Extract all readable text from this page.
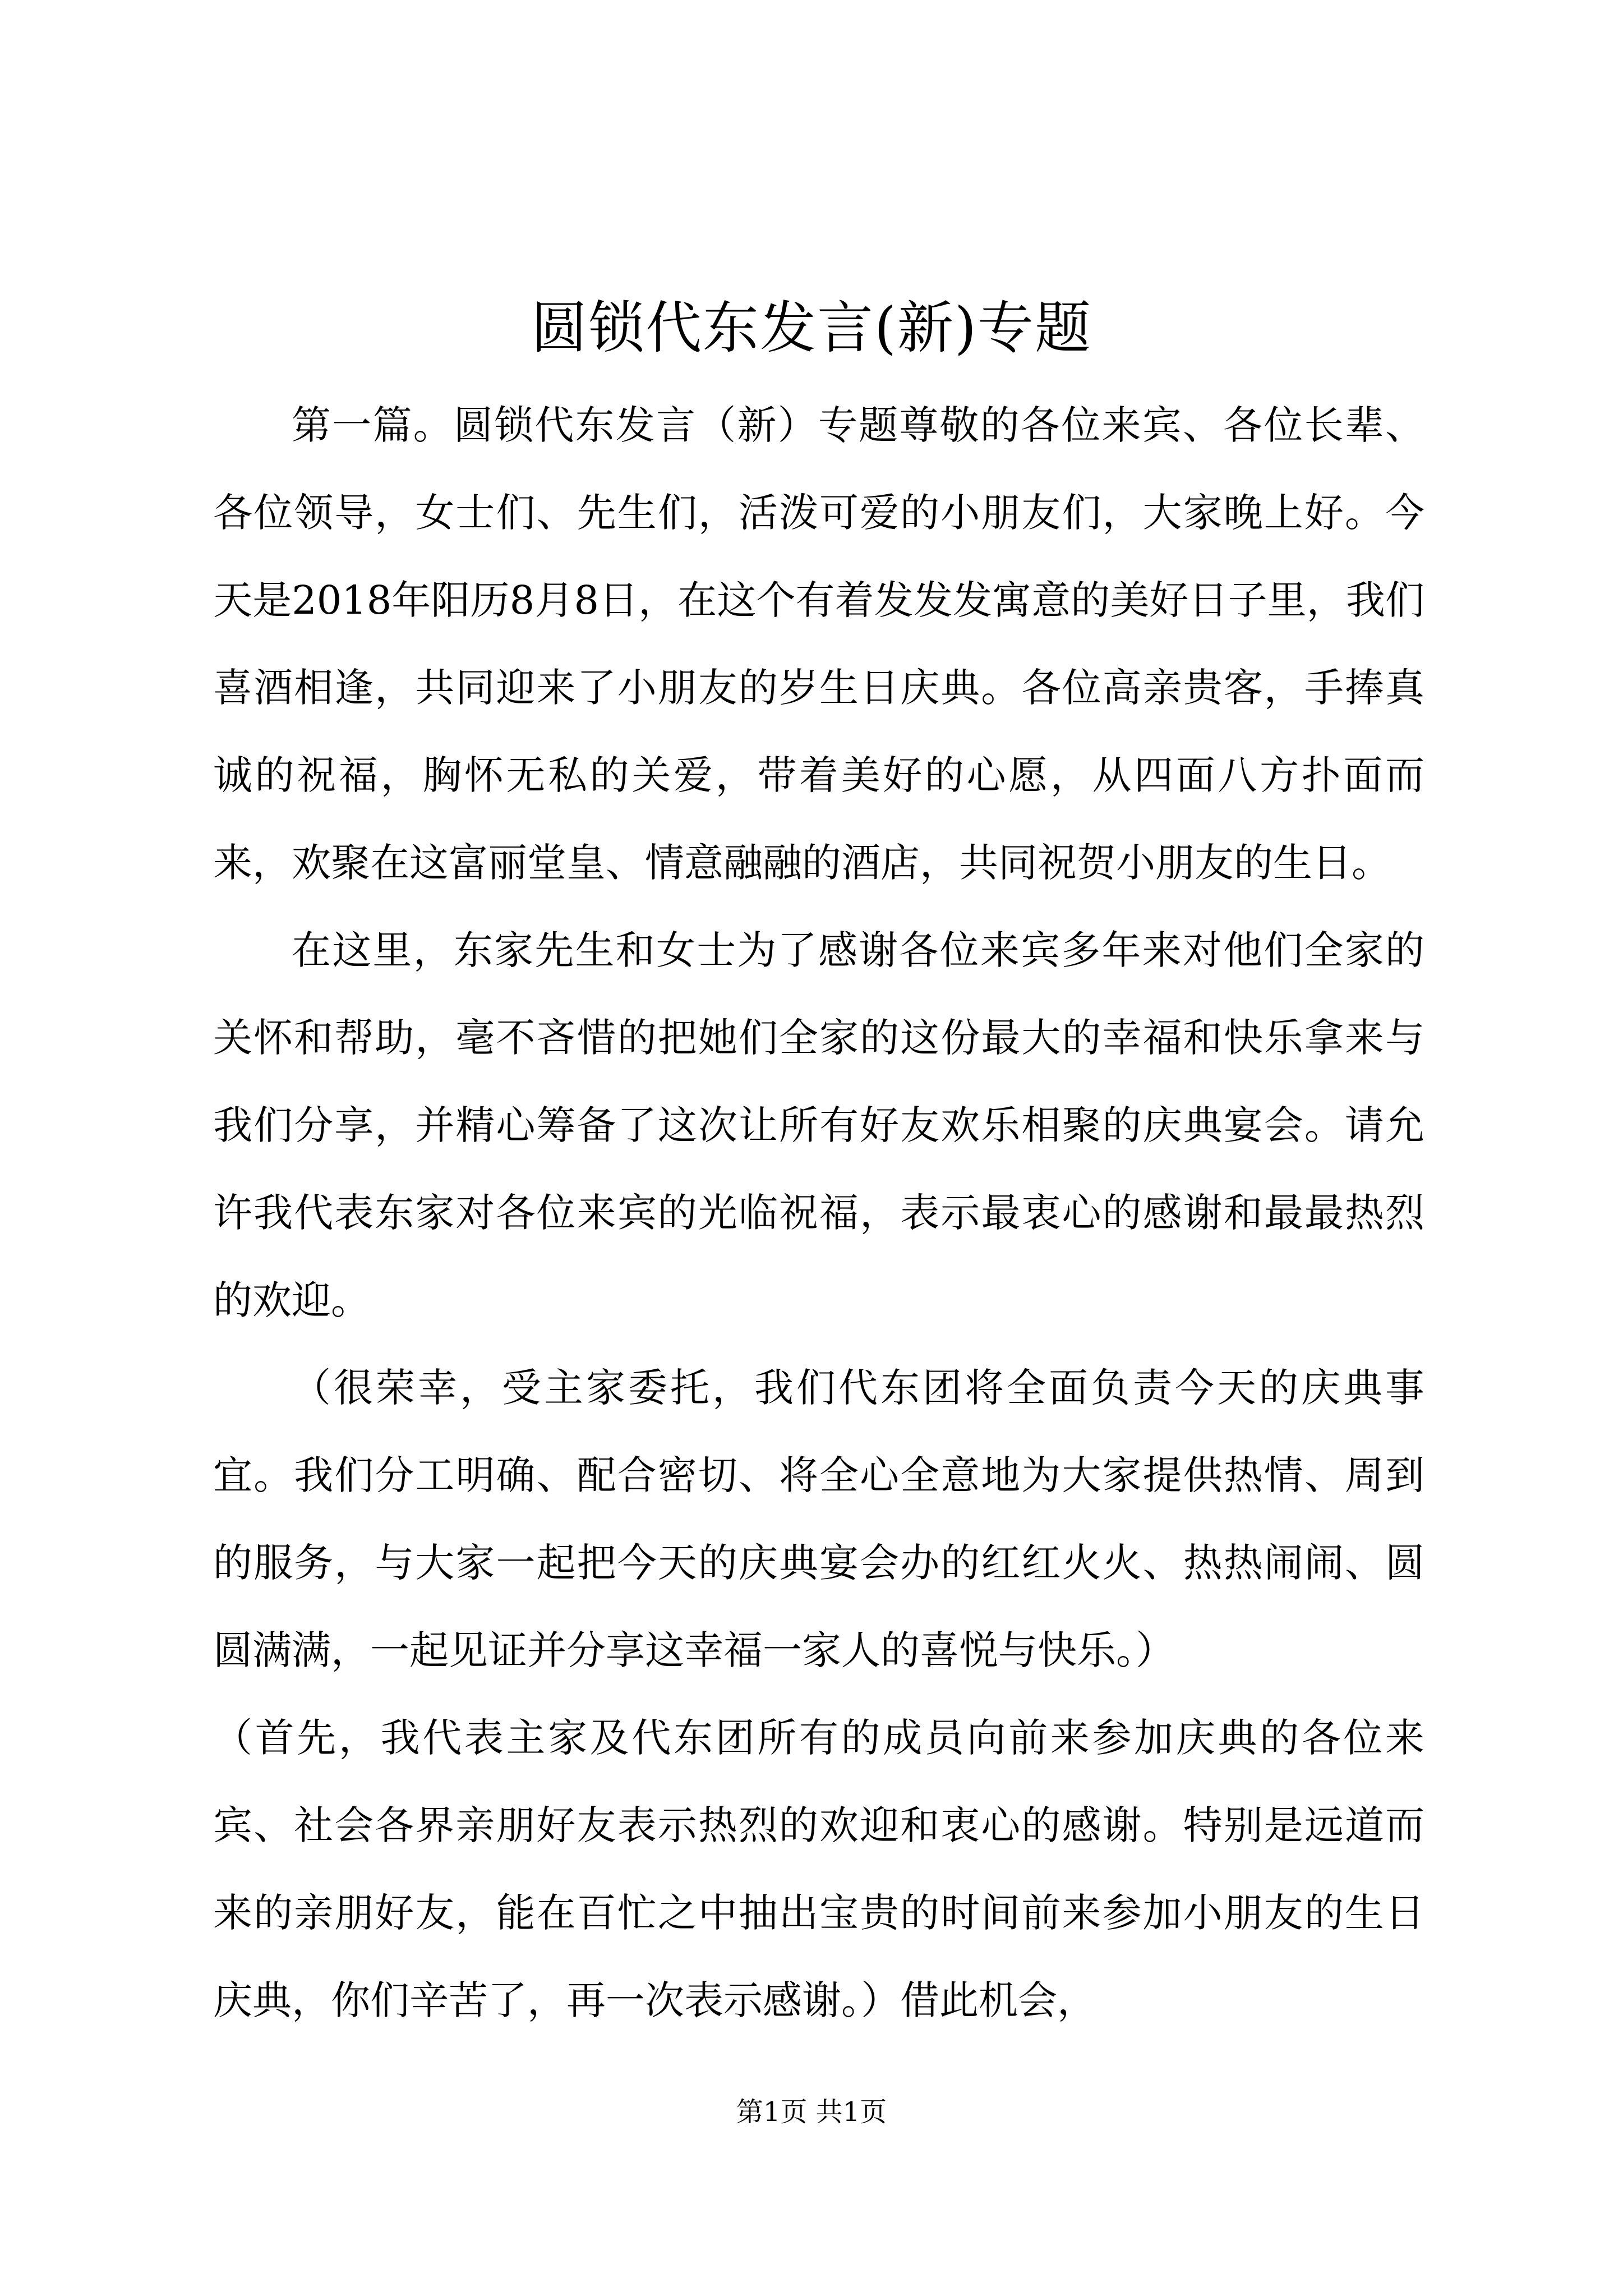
圆锁代东发言(新)专题

第一篇。圆锁代东发言（新）专题尊敬的各位来宾、各位长辈、各位领导，女士们、先生们，活泼可爱的小朋友们，大家晚上好。今天是2018年阳历8月8日，在这个有着发发发寓意的美好日子里，我们喜酒相逢，共同迎来了小朋友的岁生日庆典。各位高亲贵客，手捧真诚的祝福，胸怀无私的关爱，带着美好的心愿，从四面八方扑面而来，欢聚在这富丽堂皇、情意融融的酒店，共同祝贺小朋友的生日。

在这里，东家先生和女士为了感谢各位来宾多年来对他们全家的关怀和帮助，毫不吝惜的把她们全家的这份最大的幸福和快乐拿来与我们分享，并精心筹备了这次让所有好友欢乐相聚的庆典宴会。请允许我代表东家对各位来宾的光临祝福，表示最衷心的感谢和最最热烈的欢迎。

（很荣幸，受主家委托，我们代东团将全面负责今天的庆典事宜。我们分工明确、配合密切、将全心全意地为大家提供热情、周到的服务，与大家一起把今天的庆典宴会办的红红火火、热热闹闹、圆圆满满，一起见证并分享这幸福一家人的喜悦与快乐。）

（首先，我代表主家及代东团所有的成员向前来参加庆典的各位来宾、社会各界亲朋好友表示热烈的欢迎和衷心的感谢。特别是远道而来的亲朋好友，能在百忙之中抽出宝贵的时间前来参加小朋友的生日庆典，你们辛苦了，再一次表示感谢。）借此机会，

第1页 共1页
